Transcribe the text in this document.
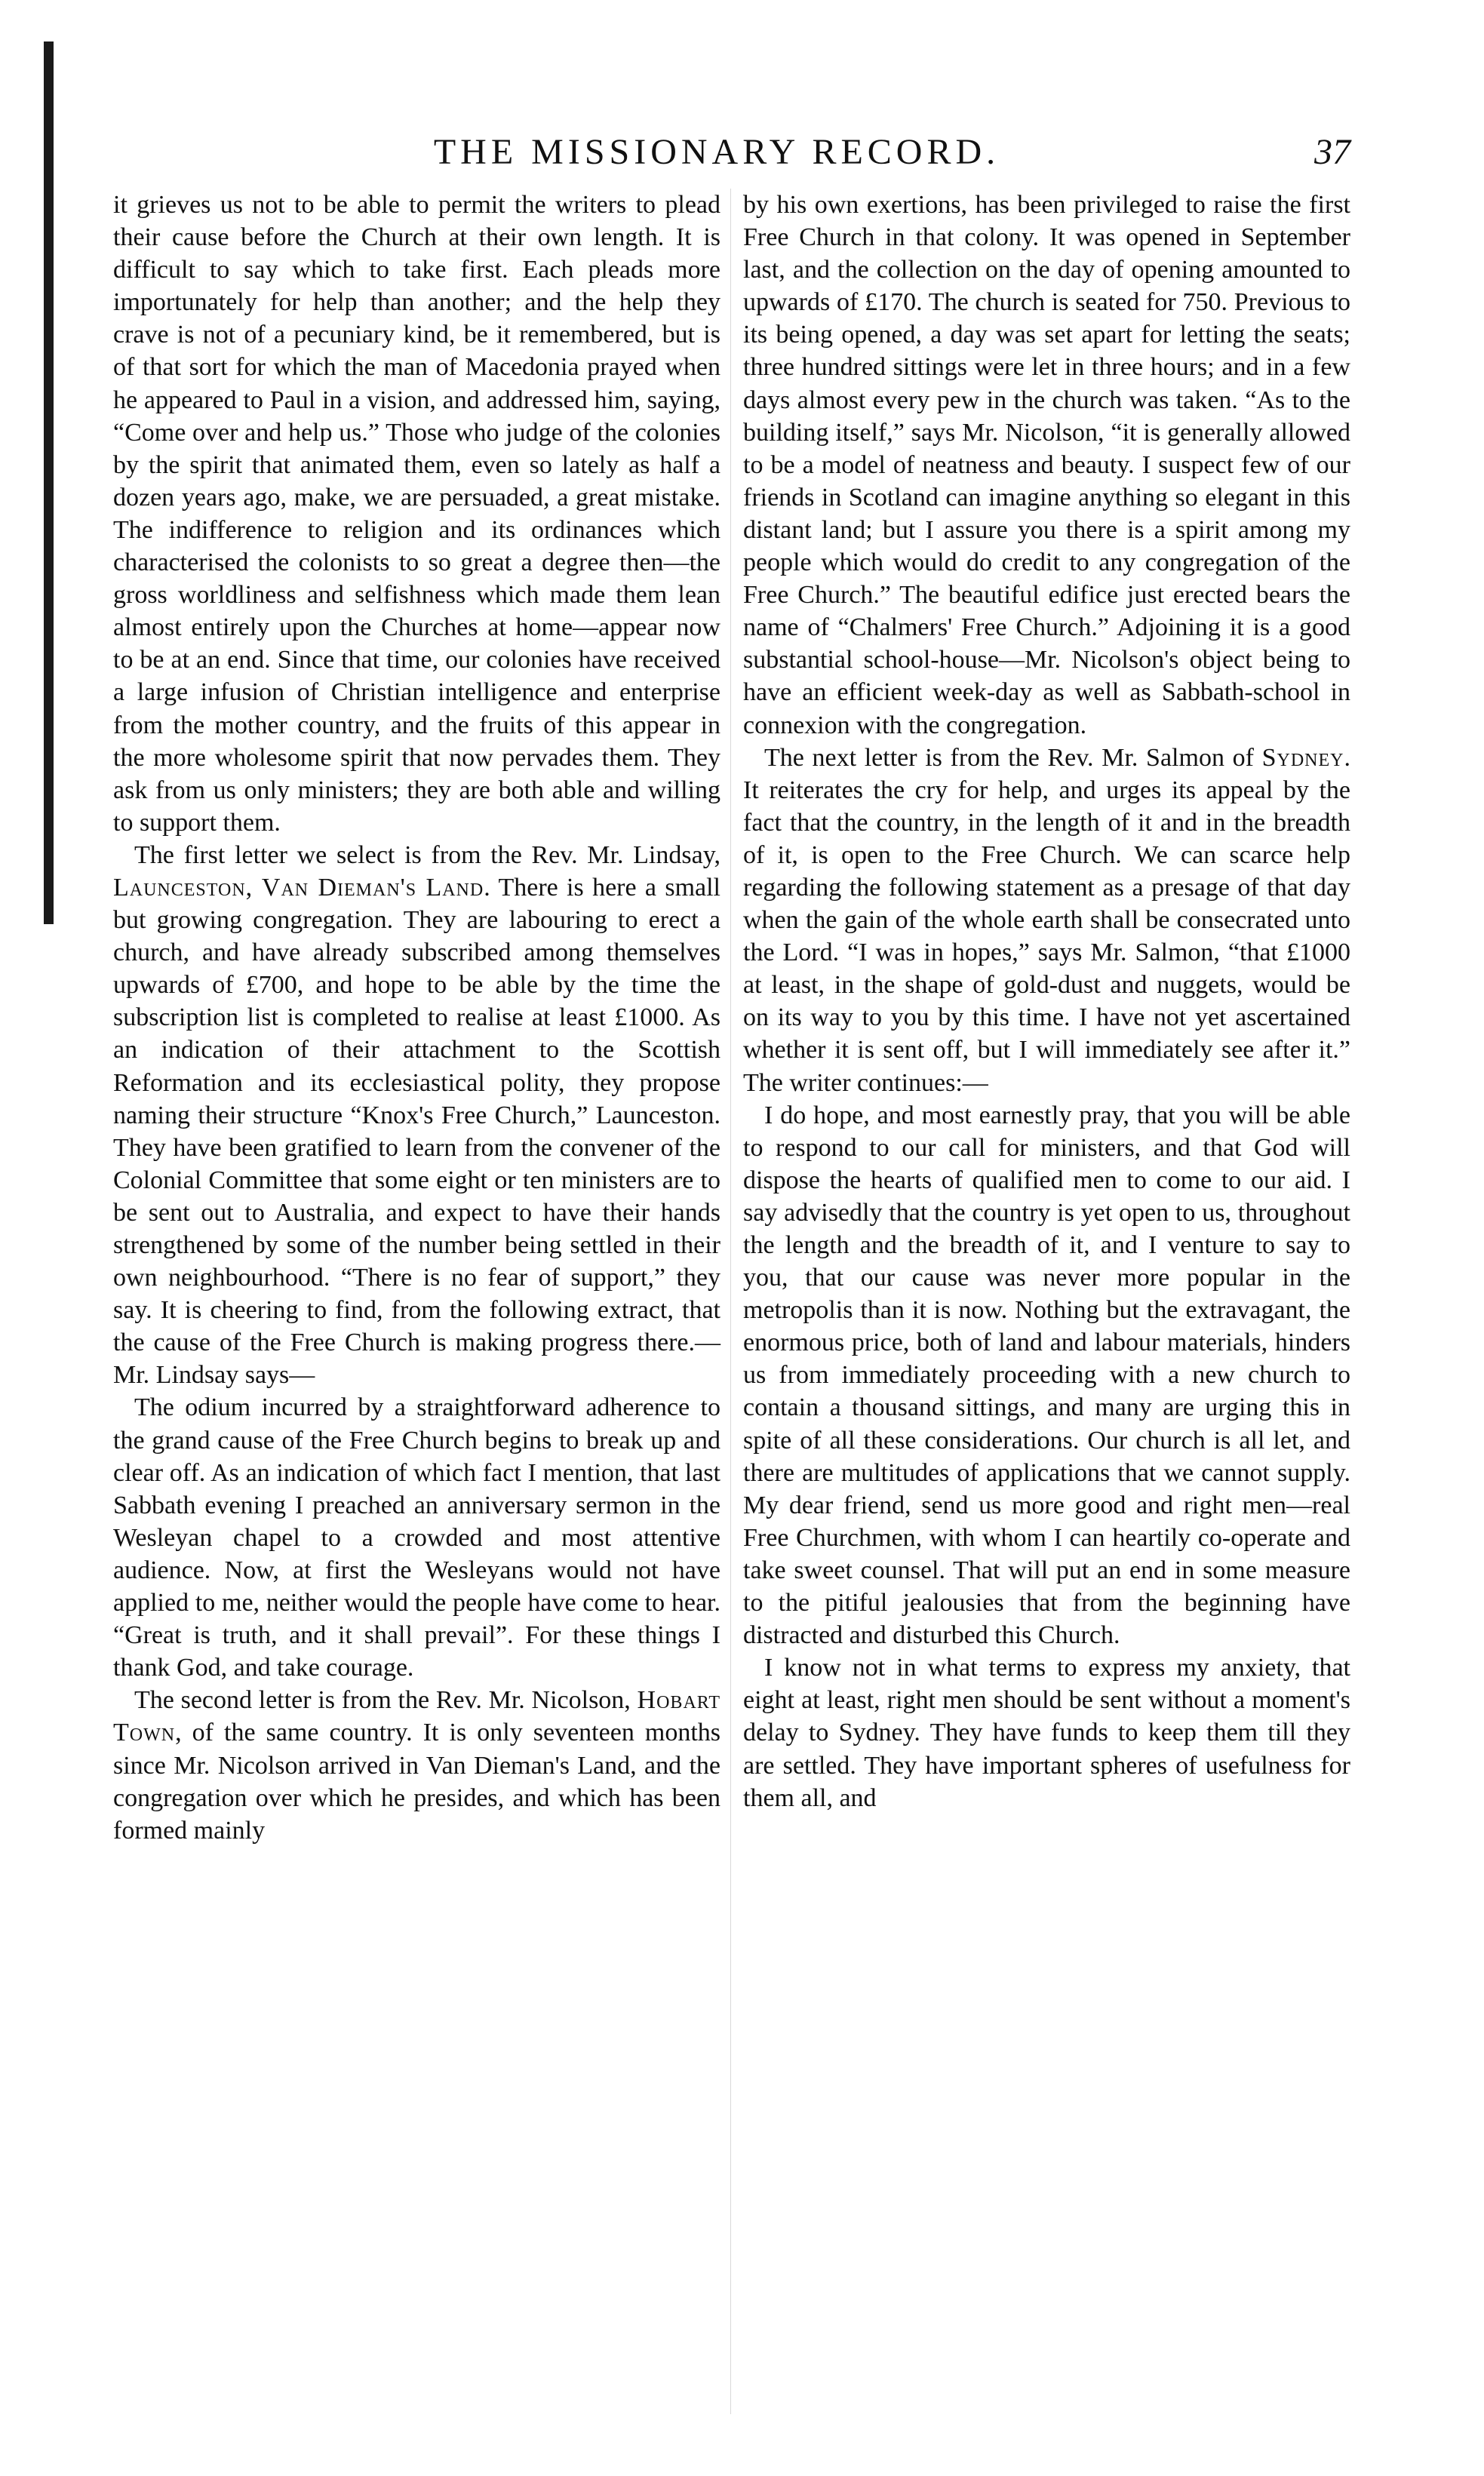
THE MISSIONARY RECORD.	37

it grieves us not to be able to permit the writers to plead their cause before the Church at their own length. It is difficult to say which to take first. Each pleads more importunately for help than another; and the help they crave is not of a pecuniary kind, be it remembered, but is of that sort for which the man of Macedonia prayed when he appeared to Paul in a vision, and addressed him, saying, “Come over and help us.” Those who judge of the colonies by the spirit that animated them, even so lately as half a dozen years ago, make, we are persuaded, a great mistake. The indifference to religion and its ordinances which characterised the colonists to so great a degree then—the gross worldliness and selfishness which made them lean almost entirely upon the Churches at home—appear now to be at an end. Since that time, our colonies have received a large infusion of Christian intelligence and enterprise from the mother country, and the fruits of this appear in the more wholesome spirit that now pervades them. They ask from us only ministers; they are both able and willing to support them.

The first letter we select is from the Rev. Mr. Lindsay, Launceston, Van Dieman's Land. There is here a small but growing congregation. They are labouring to erect a church, and have already subscribed among themselves upwards of £700, and hope to be able by the time the subscription list is completed to realise at least £1000. As an indication of their attachment to the Scottish Reformation and its ecclesiastical polity, they propose naming their structure “Knox's Free Church,” Launceston. They have been gratified to learn from the convener of the Colonial Committee that some eight or ten ministers are to be sent out to Australia, and expect to have their hands strengthened by some of the number being settled in their own neighbourhood. “There is no fear of support,” they say. It is cheering to find, from the following extract, that the cause of the Free Church is making progress there.—Mr. Lindsay says—

The odium incurred by a straightforward adherence to the grand cause of the Free Church begins to break up and clear off. As an indication of which fact I mention, that last Sabbath evening I preached an anniversary sermon in the Wesleyan chapel to a crowded and most attentive audience. Now, at first the Wesleyans would not have applied to me, neither would the people have come to hear. “Great is truth, and it shall prevail”. For these things I thank God, and take courage.

The second letter is from the Rev. Mr. Nicolson, Hobart Town, of the same country. It is only seventeen months since Mr. Nicolson arrived in Van Dieman's Land, and the congregation over which he presides, and which has been formed mainly

by his own exertions, has been privileged to raise the first Free Church in that colony. It was opened in September last, and the collection on the day of opening amounted to upwards of £170. The church is seated for 750. Previous to its being opened, a day was set apart for letting the seats; three hundred sittings were let in three hours; and in a few days almost every pew in the church was taken. “As to the building itself,” says Mr. Nicolson, “it is generally allowed to be a model of neatness and beauty. I suspect few of our friends in Scotland can imagine anything so elegant in this distant land; but I assure you there is a spirit among my people which would do credit to any congregation of the Free Church.” The beautiful edifice just erected bears the name of “Chalmers' Free Church.” Adjoining it is a good substantial school-house—Mr. Nicolson's object being to have an efficient week-day as well as Sabbath-school in connexion with the congregation.

The next letter is from the Rev. Mr. Salmon of Sydney. It reiterates the cry for help, and urges its appeal by the fact that the country, in the length of it and in the breadth of it, is open to the Free Church. We can scarce help regarding the following statement as a presage of that day when the gain of the whole earth shall be consecrated unto the Lord. “I was in hopes,” says Mr. Salmon, “that £1000 at least, in the shape of gold-dust and nuggets, would be on its way to you by this time. I have not yet ascertained whether it is sent off, but I will immediately see after it.” The writer continues:—

I do hope, and most earnestly pray, that you will be able to respond to our call for ministers, and that God will dispose the hearts of qualified men to come to our aid. I say advisedly that the country is yet open to us, throughout the length and the breadth of it, and I venture to say to you, that our cause was never more popular in the metropolis than it is now. Nothing but the extravagant, the enormous price, both of land and labour materials, hinders us from immediately proceeding with a new church to contain a thousand sittings, and many are urging this in spite of all these considerations. Our church is all let, and there are multitudes of applications that we cannot supply. My dear friend, send us more good and right men—real Free Churchmen, with whom I can heartily co-operate and take sweet counsel. That will put an end in some measure to the pitiful jealousies that from the beginning have distracted and disturbed this Church.

I know not in what terms to express my anxiety, that eight at least, right men should be sent without a moment's delay to Sydney. They have funds to keep them till they are settled. They have important spheres of usefulness for them all, and
